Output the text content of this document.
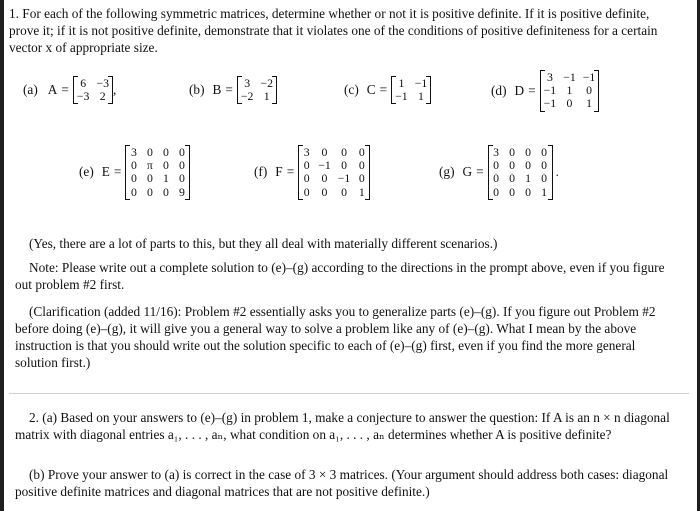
1. For each of the following symmetric matrices, determine whether or not it is positive definite. If it is positive definite, prove it; if it is not positive definite, demonstrate that it violates one of the conditions of positive definiteness for a certain vector x of appropriate size.
(a) A = 6 −3
−3 2 ,	(b) B = 3 −2
−2 1	(c) C = 1 −1
−1 1	(d) D =
3 −1 −1
−1 1 0
−1 0 1
(e) E =
3 0 0 0
0 π 0 0
0 0 1 0
0 0 0 9
(f) F =
3 0 0 0
0 −1 0 0
0 0 −1 0
0 0 0 1
(g) G =
3 0 0 0
0 0 0 0
0 0 1 0
0 0 0 1
.
(Yes, there are a lot of parts to this, but they all deal with materially different scenarios.)
Note: Please write out a complete solution to (e)–(g) according to the directions in the prompt above, even if you figure out problem #2 first.
(Clarification (added 11/16): Problem #2 essentially asks you to generalize parts (e)–(g). If you figure out Problem #2 before doing (e)–(g), it will give you a general way to solve a problem like any of (e)–(g). What I mean by the above instruction is that you should write out the solution specific to each of (e)–(g) first, even if you find the more general solution first.)
2. (a) Based on your answers to (e)–(g) in problem 1, make a conjecture to answer the question: If A is an n × n diagonal matrix with diagonal entries a₁, . . . , aₙ, what condition on a₁, . . . , aₙ determines whether A is positive definite?
(b) Prove your answer to (a) is correct in the case of 3 × 3 matrices. (Your argument should address both cases: diagonal positive definite matrices and diagonal matrices that are not positive definite.)
